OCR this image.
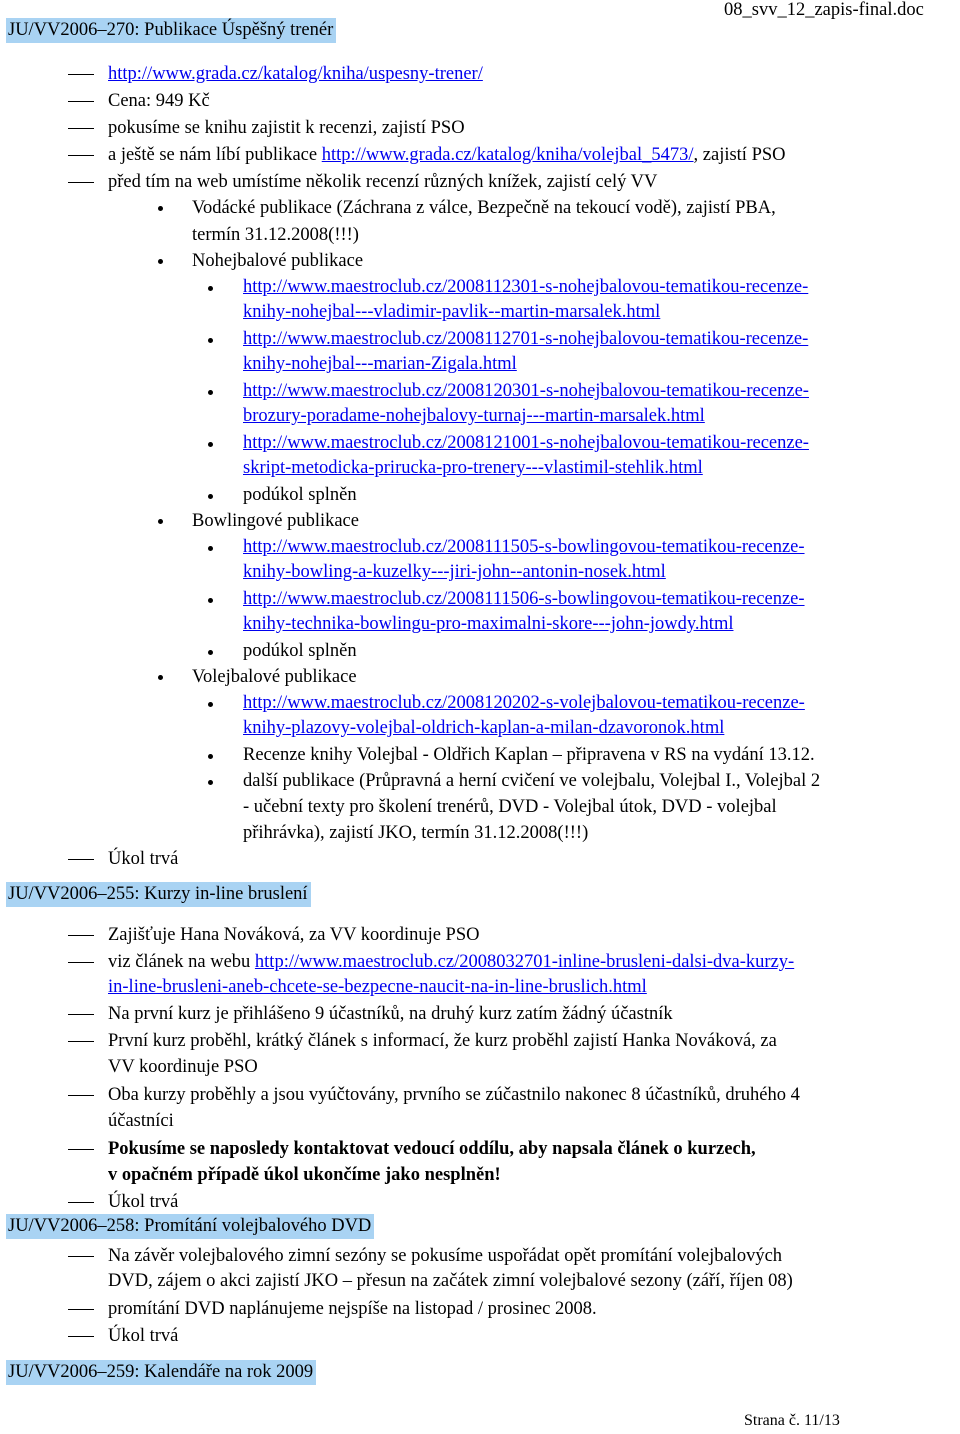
JU/VV2006–270: Publikace Úspěšný trenér
08_svv_12_zapis-final.doc
http://www.grada.cz/katalog/kniha/uspesny-trener/
Cena: 949 Kč
pokusíme se knihu zajistit k recenzi, zajistí PSO
a ještě se nám líbí publikace http://www.grada.cz/katalog/kniha/volejbal_5473/, zajistí PSO
před tím na web umístíme několik recenzí různých knížek, zajistí celý VV
Vodácké publikace (Záchrana z válce, Bezpečně na tekoucí vodě), zajistí PBA,
termín 31.12.2008(!!!)
Nohejbalové publikace
http://www.maestroclub.cz/2008112301-s-nohejbalovou-tematikou-recenze-
knihy-nohejbal---vladimir-pavlik--martin-marsalek.html
http://www.maestroclub.cz/2008112701-s-nohejbalovou-tematikou-recenze-
knihy-nohejbal---marian-Zigala.html
http://www.maestroclub.cz/2008120301-s-nohejbalovou-tematikou-recenze-
brozury-poradame-nohejbalovy-turnaj---martin-marsalek.html
http://www.maestroclub.cz/2008121001-s-nohejbalovou-tematikou-recenze-
skript-metodicka-prirucka-pro-trenery---vlastimil-stehlik.html
podúkol splněn
Bowlingové publikace
http://www.maestroclub.cz/2008111505-s-bowlingovou-tematikou-recenze-
knihy-bowling-a-kuzelky---jiri-john--antonin-nosek.html
http://www.maestroclub.cz/2008111506-s-bowlingovou-tematikou-recenze-
knihy-technika-bowlingu-pro-maximalni-skore---john-jowdy.html
podúkol splněn
Volejbalové publikace
http://www.maestroclub.cz/2008120202-s-volejbalovou-tematikou-recenze-
knihy-plazovy-volejbal-oldrich-kaplan-a-milan-dzavoronok.html
Recenze knihy Volejbal - Oldřich Kaplan – připravena v RS na vydání 13.12.
další publikace (Průpravná a herní cvičení ve volejbalu, Volejbal I., Volejbal 2
- učební texty pro školení trenérů, DVD - Volejbal útok, DVD - volejbal
přihrávka), zajistí JKO, termín 31.12.2008(!!!)
Úkol trvá
JU/VV2006–255: Kurzy in-line bruslení
Zajišťuje Hana Nováková, za VV koordinuje PSO
viz článek na webu http://www.maestroclub.cz/2008032701-inline-brusleni-dalsi-dva-kurzy-
in-line-brusleni-aneb-chcete-se-bezpecne-naucit-na-in-line-bruslich.html
Na první kurz je přihlášeno 9 účastníků, na druhý kurz zatím žádný účastník
První kurz proběhl, krátký článek s informací, že kurz proběhl zajistí Hanka Nováková, za
VV koordinuje PSO
Oba kurzy proběhly a jsou vyúčtovány, prvního se zúčastnilo nakonec 8 účastníků, druhého 4
účastníci
Pokusíme se naposledy kontaktovat vedoucí oddílu, aby napsala článek o kurzech,
v opačném případě úkol ukončíme jako nesplněn!
Úkol trvá
JU/VV2006–258: Promítání volejbalového DVD
Na závěr volejbalového zimní sezóny se pokusíme uspořádat opět promítání volejbalových
DVD, zájem o akci zajistí JKO – přesun na začátek zimní volejbalové sezony (září, říjen 08)
promítání DVD naplánujeme nejspíše na listopad / prosinec 2008.
Úkol trvá
JU/VV2006–259: Kalendáře na rok 2009
Strana č. 11/13
